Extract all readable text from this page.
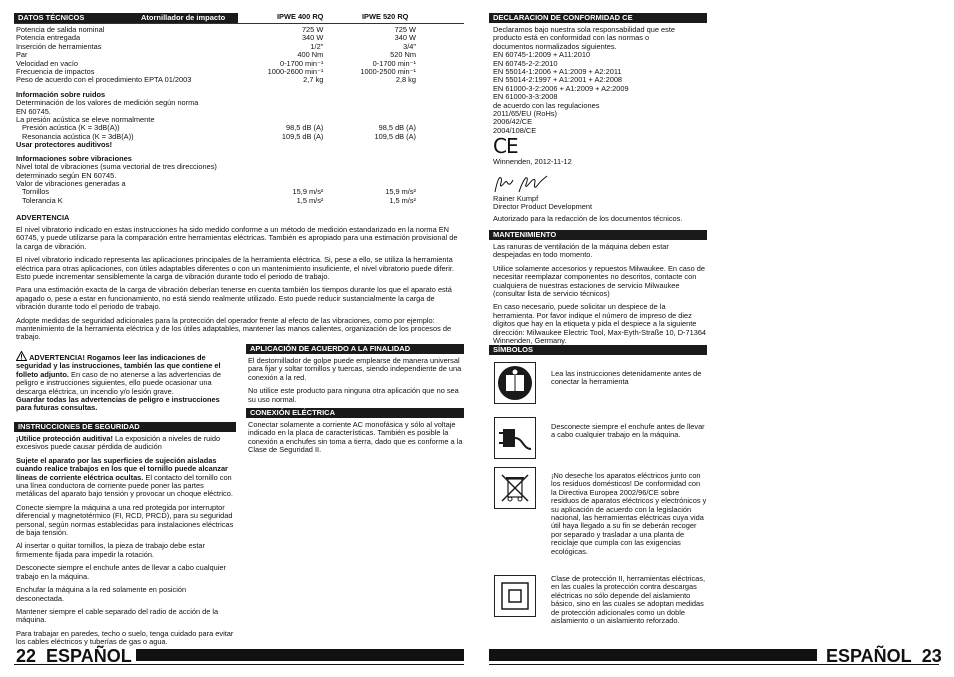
DATOS TÉCNICOS	Atornillador de impacto	IPWE 400 RQ	IPWE 520 RQ
Potencia de salida nominal	725 W	725 W
Potencia entregada	340 W	340 W
Inserción de herramientas	1/2"	3/4"
Par	400 Nm	520 Nm
Velocidad en vacío	0-1700 min⁻¹	0-1700 min⁻¹
Frecuencia de impactos	1000-2600 min⁻¹	1000-2500 min⁻¹
Peso de acuerdo con el procedimiento EPTA 01/2003	2,7 kg	2,8 kg
Información sobre ruidos
Determinación de los valores de medición según norma
EN 60745.
La presión acústica se eleve normalmente
Presión acústica (K = 3dB(A))	98,5 dB (A)	98,5 dB (A)
Resonancia acústica (K = 3dB(A))	109,5 dB (A)	109,5 dB (A)
Usar protectores auditivos!
Informaciones sobre vibraciones
Nivel total de vibraciones (suma vectorial de tres direcciones)
determinado según EN 60745.
Valor de vibraciones generadas a
Tornillos	15,9 m/s²	15,9 m/s²
Tolerancia K	1,5 m/s²	1,5 m/s²
ADVERTENCIA

El nivel vibratorio indicado en estas instrucciones ha sido medido conforme a un método de medición estandarizado en la norma EN 60745, y puede utilizarse para la comparación entre herramientas eléctricas. También es apropiado para una estimación provisional de la carga de vibración.

El nivel vibratorio indicado representa las aplicaciones principales de la herramienta eléctrica. Si, pese a ello, se utiliza la herramienta eléctrica para otras aplicaciones, con útiles adaptables diferentes o con un mantenimiento insuficiente, el nivel vibratorio puede diferir. Esto puede incrementar sensiblemente la carga de vibración durante todo el periodo de trabajo.

Para una estimación exacta de la carga de vibración deberían tenerse en cuenta también los tiempos durante los que el aparato está apagado o, pese a estar en funcionamiento, no está siendo realmente utilizado. Esto puede reducir sustancialmente la carga de vibración durante todo el periodo de trabajo.

Adopte medidas de seguridad adicionales para la protección del operador frente al efecto de las vibraciones, como por ejemplo: mantenimiento de la herramienta eléctrica y de los útiles adaptables, mantener las manos calientes, organización de los procesos de trabajo.

ADVERTENCIA! Rogamos leer las indicaciones de seguridad y las instrucciones, también las que contiene el folleto adjunto. En caso de no atenerse a las advertencias de peligro e instrucciones siguientes, ello puede ocasionar una descarga eléctrica, un incendio y/o lesión grave.
Guardar todas las advertencias de peligro e instrucciones para futuras consultas.
INSTRUCCIONES DE SEGURIDAD

¡Utilice protección auditiva! La exposición a niveles de ruido excesivos puede causar pérdida de audición

Sujete el aparato por las superficies de sujeción aisladas cuando realice trabajos en los que el tornillo puede alcanzar líneas de corriente eléctrica ocultas. El contacto del tornillo con una línea conductora de corriente puede poner las partes metálicas del aparato bajo tensión y provocar un choque eléctrico.

Conecte siempre la máquina a una red protegida por interruptor diferencial y magnetotérmico (FI, RCD, PRCD), para su seguridad personal, según normas establecidas para instalaciones eléctricas de baja tensión.

Al insertar o quitar tornillos, la pieza de trabajo debe estar firmemente fijada para impedir la rotación.

Desconecte siempre el enchufe antes de llevar a cabo cualquier trabajo en la máquina.

Enchufar la máquina a la red solamente en posición desconectada.

Mantener siempre el cable separado del radio de acción de la máquina.

Para trabajar en paredes, techo o suelo, tenga cuidado para evitar los cables eléctricos y tuberías de gas o agua.

APLICACIÓN DE ACUERDO A LA FINALIDAD

El destornillador de golpe puede emplearse de manera universal para fijar y soltar tornillos y tuercas, siendo independiente de una conexión a la red.

No utilice este producto para ninguna otra aplicación que no sea su uso normal.

CONEXIÓN ELÉCTRICA

Conectar solamente a corriente AC monofásica y sólo al voltaje indicado en la placa de características. También es posible la conexión a enchufes sin toma a tierra, dado que es conforme a la Clase de Seguridad II.

22 ESPAÑOL
DECLARACION DE CONFORMIDAD CE
Declaramos bajo nuestra sola responsabilidad que este
producto está en conformidad con las normas o
documentos normalizados siguientes.
EN 60745-1:2009 + A11:2010
EN 60745-2-2:2010
EN 55014-1:2006 + A1:2009 + A2:2011
EN 55014-2:1997 + A1:2001 + A2:2008
EN 61000-3-2:2006 + A1:2009 + A2:2009
EN 61000-3-3:2008
de acuerdo con las regulaciones
2011/65/EU (RoHs)
2006/42/CE
2004/108/CE
CE
Winnenden, 2012-11-12
Rainer Kumpf
Director Product Development
Autorizado para la redacción de los documentos técnicos.
MANTENIMIENTO

Las ranuras de ventilación de la máquina deben estar despejadas en todo momento.

Utilice solamente accesorios y repuestos Milwaukee. En caso de necesitar reemplazar componentes no descritos, contacte con cualquiera de nuestras estaciones de servicio Milwaukee (consultar lista de servicio técnicos)

En caso necesario, puede solicitar un despiece de la herramienta. Por favor indique el número de impreso de diez dígitos que hay en la etiqueta y pida el despiece a la siguiente dirección: Milwaukee Electric Tool, Max-Eyth-Straße 10, D-71364 Winnenden, Germany.

SÍMBOLOS
Lea las instrucciones detenidamente antes de conectar la herramienta
Desconecte siempre el enchufe antes de llevar a cabo cualquier trabajo en la máquina.
¡No deseche los aparatos eléctricos junto con los residuos domésticos! De conformidad con la Directiva Europea 2002/96/CE sobre residuos de aparatos eléctricos y electrónicos y su aplicación de acuerdo con la legislación nacional, las herramientas eléctricas cuya vida útil haya llegado a su fin se deberán recoger por separado y trasladar a una planta de reciclaje que cumpla con las exigencias ecológicas.
Clase de protección II, herramientas eléctricas, en las cuales la protección contra descargas eléctricas no sólo depende del aislamiento básico, sino en las cuales se adoptan medidas de protección adicionales como un doble aislamiento o un aislamiento reforzado.
ESPAÑOL 23
